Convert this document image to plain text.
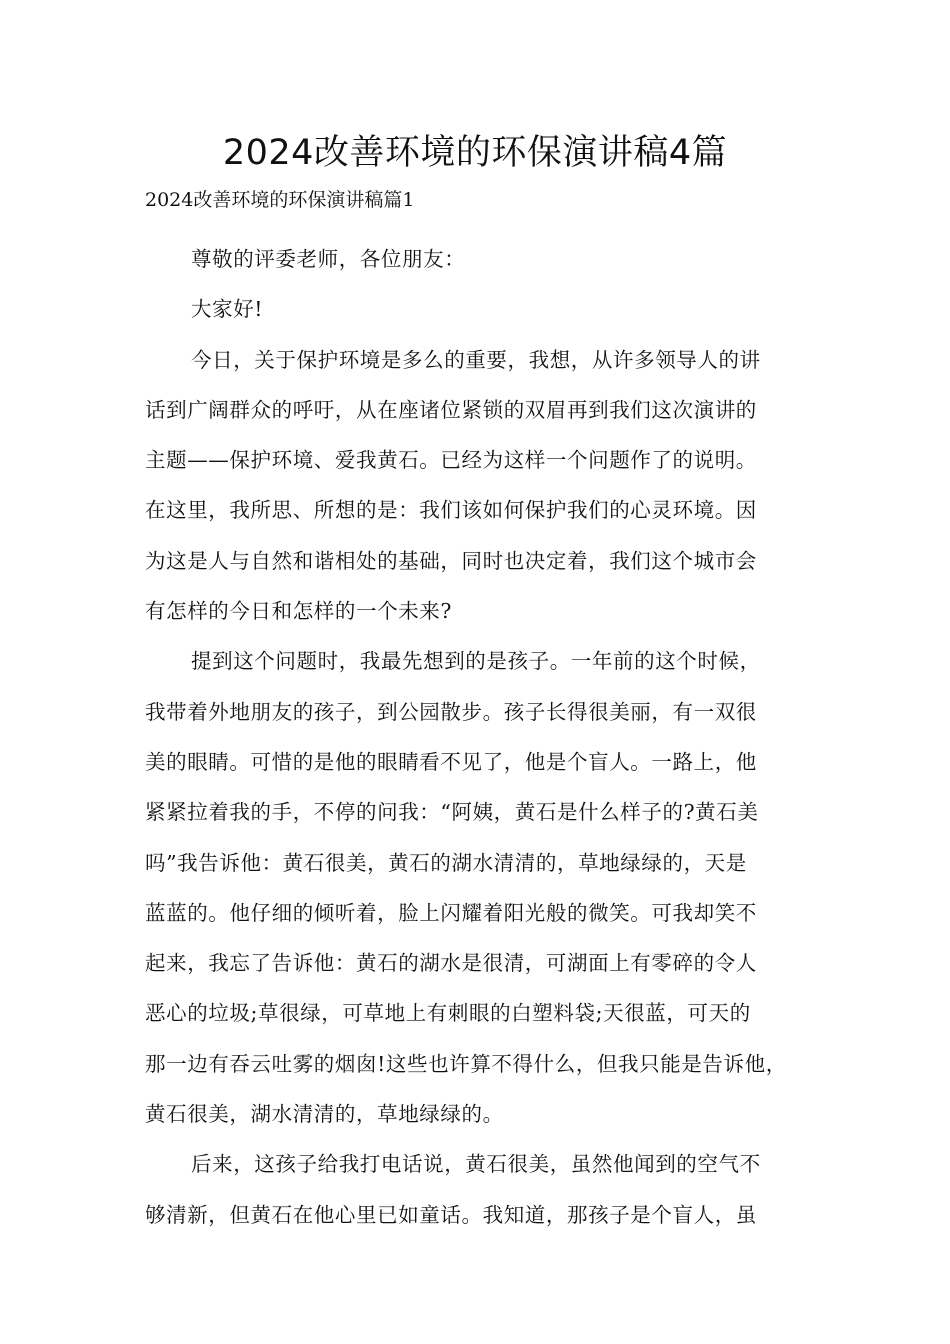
2024改善环境的环保演讲稿4篇

2024改善环境的环保演讲稿篇1

尊敬的评委老师，各位朋友：

大家好!

今日，关于保护环境是多么的重要，我想，从许多领导人的讲
话到广阔群众的呼吁，从在座诸位紧锁的双眉再到我们这次演讲的
主题——保护环境、爱我黄石。已经为这样一个问题作了的说明。
在这里，我所思、所想的是：我们该如何保护我们的心灵环境。因
为这是人与自然和谐相处的基础，同时也决定着，我们这个城市会
有怎样的今日和怎样的一个未来?

提到这个问题时，我最先想到的是孩子。一年前的这个时候，
我带着外地朋友的孩子，到公园散步。孩子长得很美丽，有一双很
美的眼睛。可惜的是他的眼睛看不见了，他是个盲人。一路上，他
紧紧拉着我的手，不停的问我：“阿姨，黄石是什么样子的?黄石美
吗”我告诉他：黄石很美，黄石的湖水清清的，草地绿绿的，天是
蓝蓝的。他仔细的倾听着，脸上闪耀着阳光般的微笑。可我却笑不
起来，我忘了告诉他：黄石的湖水是很清，可湖面上有零碎的令人
恶心的垃圾;草很绿，可草地上有刺眼的白塑料袋;天很蓝，可天的
那一边有吞云吐雾的烟囱!这些也许算不得什么，但我只能是告诉他，
黄石很美，湖水清清的，草地绿绿的。

后来，这孩子给我打电话说，黄石很美，虽然他闻到的空气不
够清新，但黄石在他心里已如童话。我知道，那孩子是个盲人，虽
